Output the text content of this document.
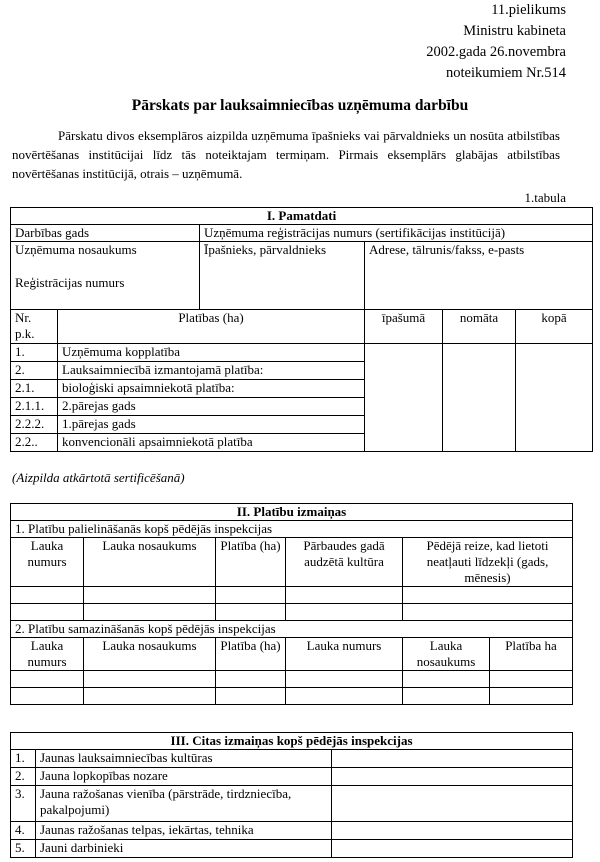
11.pielikums
Ministru kabineta
2002.gada 26.novembra
noteikumiem Nr.514
Pārskats par lauksaimniecības uzņēmuma darbību

Pārskatu divos eksemplāros aizpilda uzņēmuma īpašnieks vai pārvaldnieks un nosūta atbilstības novērtēšanas institūcijai līdz tās noteiktajam termiņam. Pirmais eksemplārs glabājas atbilstības novērtēšanas institūcijā, otrais – uzņēmumā.

1.tabula
I. Pamatdati					
Darbības gads		Uzņēmuma reģistrācijas numurs (sertifikācijas institūcijā)			

Uzņēmuma nosaukums
Reģistrācijas numurs		Īpašnieks, pārvaldnieks	Adrese, tālrunis/fakss, e-pasts		
Nr. p.k.	Platības (ha)		īpašumā	nomāta	kopā
1.	Uzņēmuma kopplatība				
2.	Lauksaimniecībā izmantojamā platība:				
2.1.	bioloģiski apsaimniekotā platība:				
2.1.1.	2.pārejas gads				
2.2.2.	1.pārejas gads				
2.2..	konvencionāli apsaimniekotā platība				
(Aizpilda atkārtotā sertificēšanā)
II. Platību izmaiņas					
1. Platību palielināšanās kopš pēdējās inspekcijas					
Lauka numurs	Lauka nosaukums	Platība (ha)	Pārbaudes gadā audzētā kultūra	Pēdējā reize, kad lietoti neatļauti līdzekļi (gads, mēnesis)	

2. Platību samazināšanās kopš pēdējās inspekcijas					
Lauka numurs	Lauka nosaukums	Platība (ha)	Lauka numurs	Lauka nosaukums	Platība ha

III. Citas izmaiņas kopš pēdējās inspekcijas		
1.	Jaunas lauksaimniecības kultūras	
2.	Jauna lopkopības nozare	
3.	Jauna ražošanas vienība (pārstrāde, tirdzniecība, pakalpojumi)	
4.	Jaunas ražošanas telpas, iekārtas, tehnika	
5.	Jauni darbinieki	
